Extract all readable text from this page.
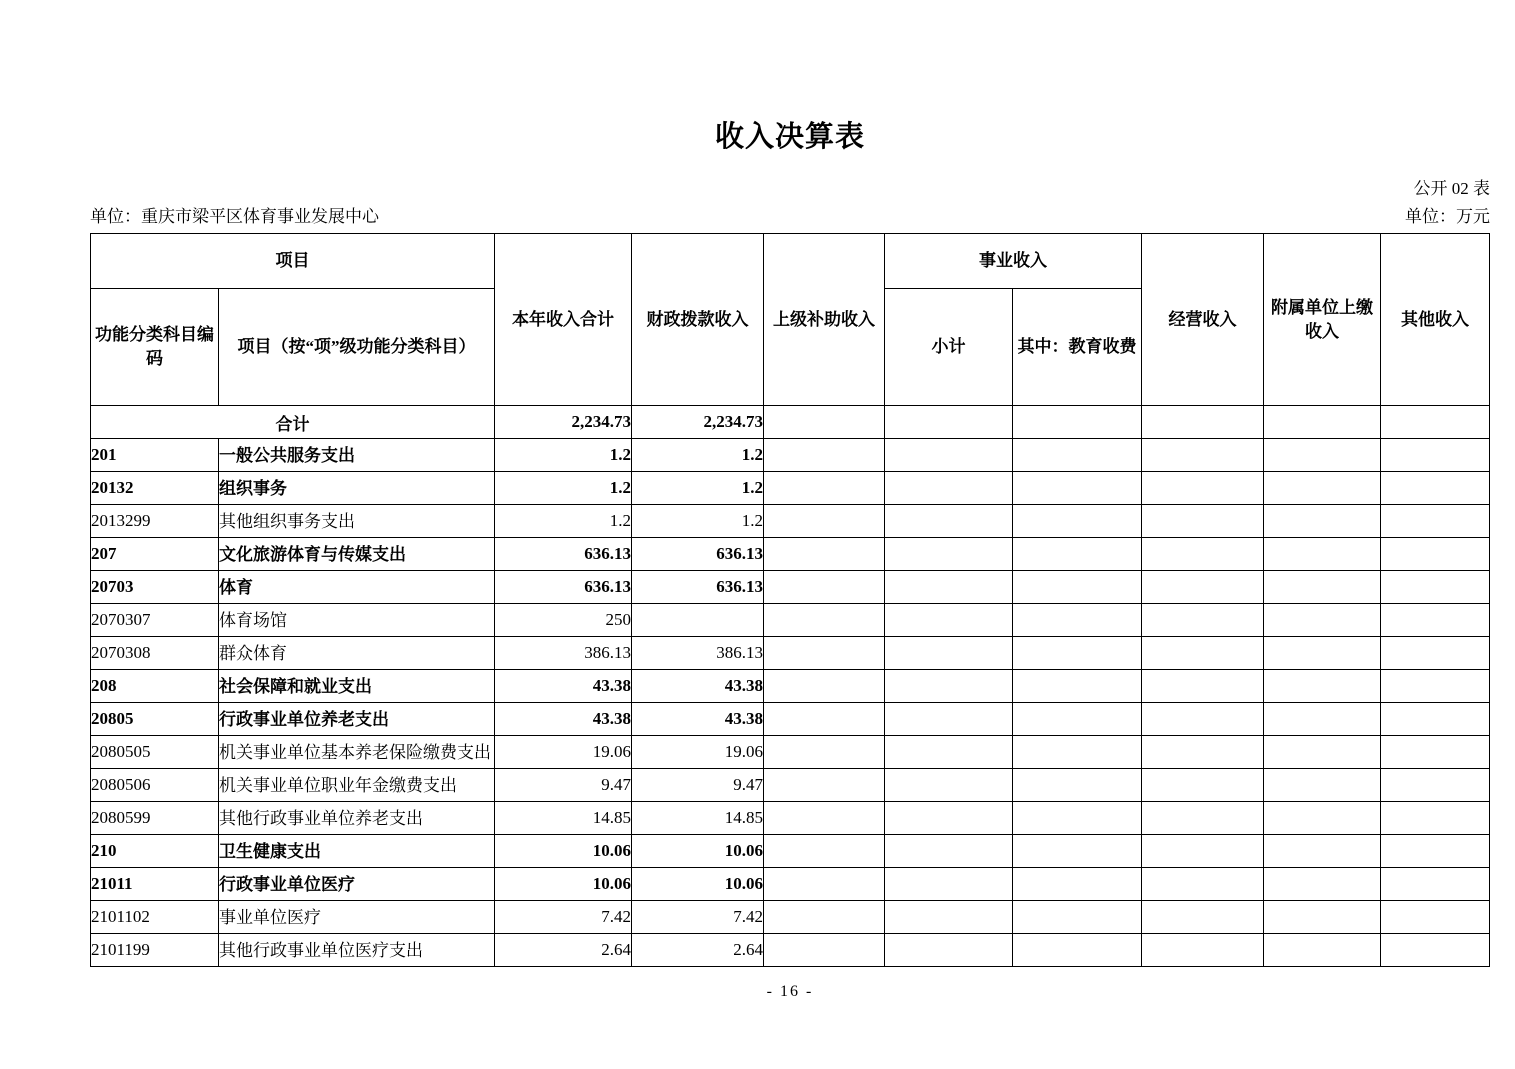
收入决算表
公开 02 表
单位：重庆市梁平区体育事业发展中心	单位：万元
项目		本年收入合计	财政拨款收入	上级补助收入	事业收入		经营收入	附属单位上缴收入	其他收入
功能分类科目编码	项目（按“项”级功能分类科目）				小计	其中：教育收费			
合计		2,234.73	2,234.73						
201	一般公共服务支出	1.2	1.2						
20132	组织事务	1.2	1.2						
2013299	其他组织事务支出	1.2	1.2						
207	文化旅游体育与传媒支出	636.13	636.13						
20703	体育	636.13	636.13						
2070307	体育场馆	250							
2070308	群众体育	386.13	386.13						
208	社会保障和就业支出	43.38	43.38						
20805	行政事业单位养老支出	43.38	43.38						
2080505	机关事业单位基本养老保险缴费支出	19.06	19.06						
2080506	机关事业单位职业年金缴费支出	9.47	9.47						
2080599	其他行政事业单位养老支出	14.85	14.85						
210	卫生健康支出	10.06	10.06						
21011	行政事业单位医疗	10.06	10.06						
2101102	事业单位医疗	7.42	7.42						
2101199	其他行政事业单位医疗支出	2.64	2.64						
- 16 -
